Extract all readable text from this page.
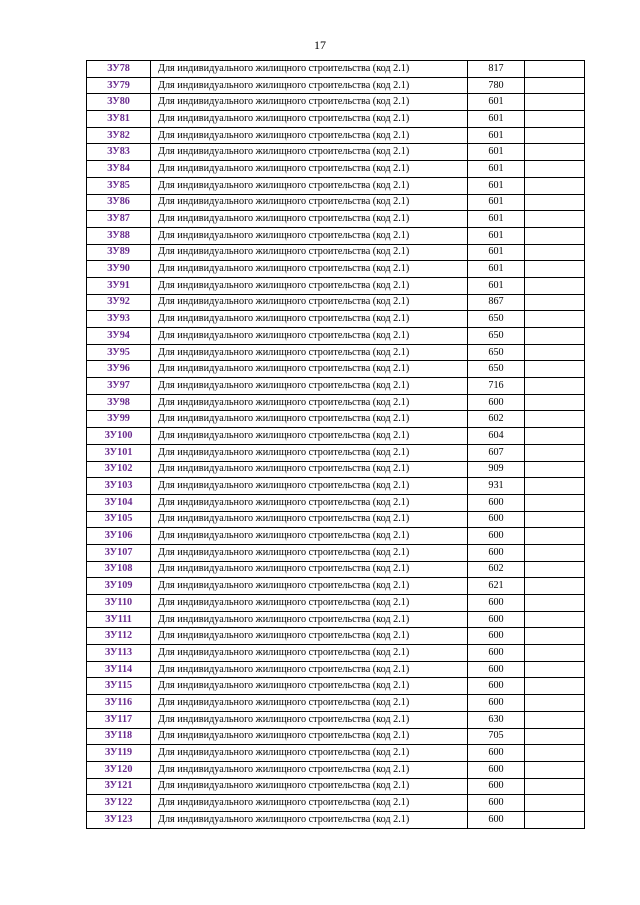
17
ЗУ78	Для индивидуального жилищного строительства (код 2.1)	817	
ЗУ79	Для индивидуального жилищного строительства (код 2.1)	780	
ЗУ80	Для индивидуального жилищного строительства (код 2.1)	601	
ЗУ81	Для индивидуального жилищного строительства (код 2.1)	601	
ЗУ82	Для индивидуального жилищного строительства (код 2.1)	601	
ЗУ83	Для индивидуального жилищного строительства (код 2.1)	601	
ЗУ84	Для индивидуального жилищного строительства (код 2.1)	601	
ЗУ85	Для индивидуального жилищного строительства (код 2.1)	601	
ЗУ86	Для индивидуального жилищного строительства (код 2.1)	601	
ЗУ87	Для индивидуального жилищного строительства (код 2.1)	601	
ЗУ88	Для индивидуального жилищного строительства (код 2.1)	601	
ЗУ89	Для индивидуального жилищного строительства (код 2.1)	601	
ЗУ90	Для индивидуального жилищного строительства (код 2.1)	601	
ЗУ91	Для индивидуального жилищного строительства (код 2.1)	601	
ЗУ92	Для индивидуального жилищного строительства (код 2.1)	867	
ЗУ93	Для индивидуального жилищного строительства (код 2.1)	650	
ЗУ94	Для индивидуального жилищного строительства (код 2.1)	650	
ЗУ95	Для индивидуального жилищного строительства (код 2.1)	650	
ЗУ96	Для индивидуального жилищного строительства (код 2.1)	650	
ЗУ97	Для индивидуального жилищного строительства (код 2.1)	716	
ЗУ98	Для индивидуального жилищного строительства (код 2.1)	600	
ЗУ99	Для индивидуального жилищного строительства (код 2.1)	602	
ЗУ100	Для индивидуального жилищного строительства (код 2.1)	604	
ЗУ101	Для индивидуального жилищного строительства (код 2.1)	607	
ЗУ102	Для индивидуального жилищного строительства (код 2.1)	909	
ЗУ103	Для индивидуального жилищного строительства (код 2.1)	931	
ЗУ104	Для индивидуального жилищного строительства (код 2.1)	600	
ЗУ105	Для индивидуального жилищного строительства (код 2.1)	600	
ЗУ106	Для индивидуального жилищного строительства (код 2.1)	600	
ЗУ107	Для индивидуального жилищного строительства (код 2.1)	600	
ЗУ108	Для индивидуального жилищного строительства (код 2.1)	602	
ЗУ109	Для индивидуального жилищного строительства (код 2.1)	621	
ЗУ110	Для индивидуального жилищного строительства (код 2.1)	600	
ЗУ111	Для индивидуального жилищного строительства (код 2.1)	600	
ЗУ112	Для индивидуального жилищного строительства (код 2.1)	600	
ЗУ113	Для индивидуального жилищного строительства (код 2.1)	600	
ЗУ114	Для индивидуального жилищного строительства (код 2.1)	600	
ЗУ115	Для индивидуального жилищного строительства (код 2.1)	600	
ЗУ116	Для индивидуального жилищного строительства (код 2.1)	600	
ЗУ117	Для индивидуального жилищного строительства (код 2.1)	630	
ЗУ118	Для индивидуального жилищного строительства (код 2.1)	705	
ЗУ119	Для индивидуального жилищного строительства (код 2.1)	600	
ЗУ120	Для индивидуального жилищного строительства (код 2.1)	600	
ЗУ121	Для индивидуального жилищного строительства (код 2.1)	600	
ЗУ122	Для индивидуального жилищного строительства (код 2.1)	600	
ЗУ123	Для индивидуального жилищного строительства (код 2.1)	600	
